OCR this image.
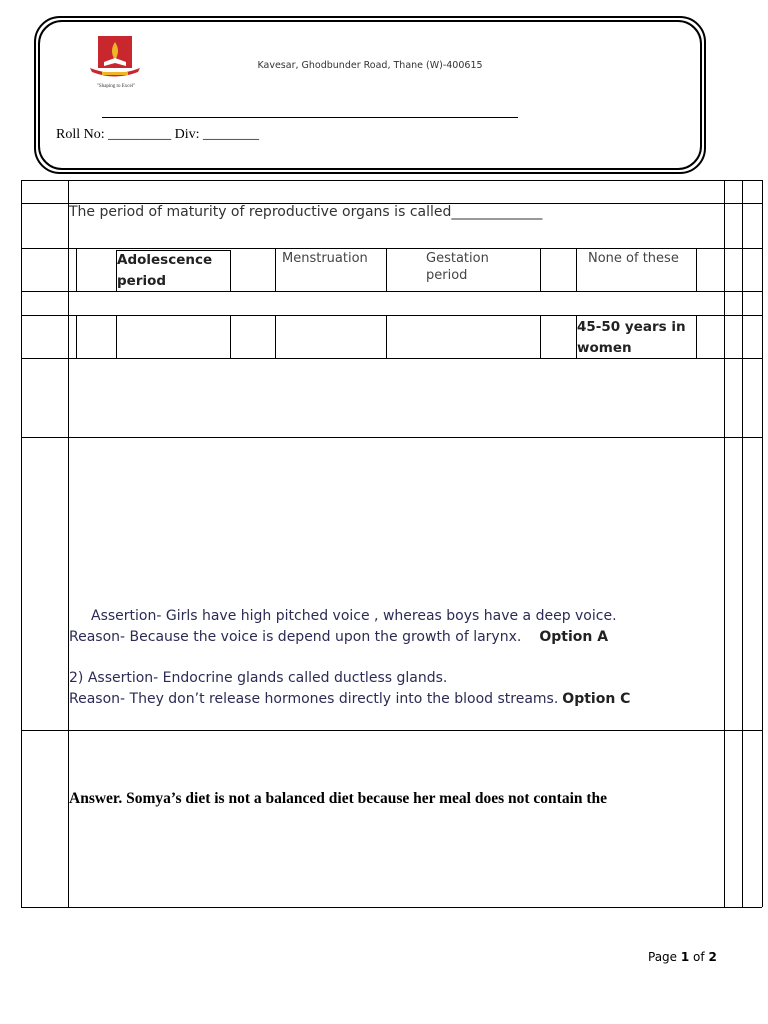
"Shaping to Excel"
Kavesar, Ghodbunder Road, Thane (W)-400615
Roll No: _________ Div: ________
The period of maturity of reproductive organs is called_____________
Adolescence period
Menstruation	Gestation period
None of these
45-50 years in women
Assertion- Girls have high pitched voice , whereas boys have a deep voice.
Reason- Because the voice is depend upon the growth of larynx. Option A
2) Assertion- Endocrine glands called ductless glands.
Reason- They don’t release hormones directly into the blood streams. Option C
Answer. Somya’s diet is not a balanced diet because her meal does not contain the
Page 1 of 2
